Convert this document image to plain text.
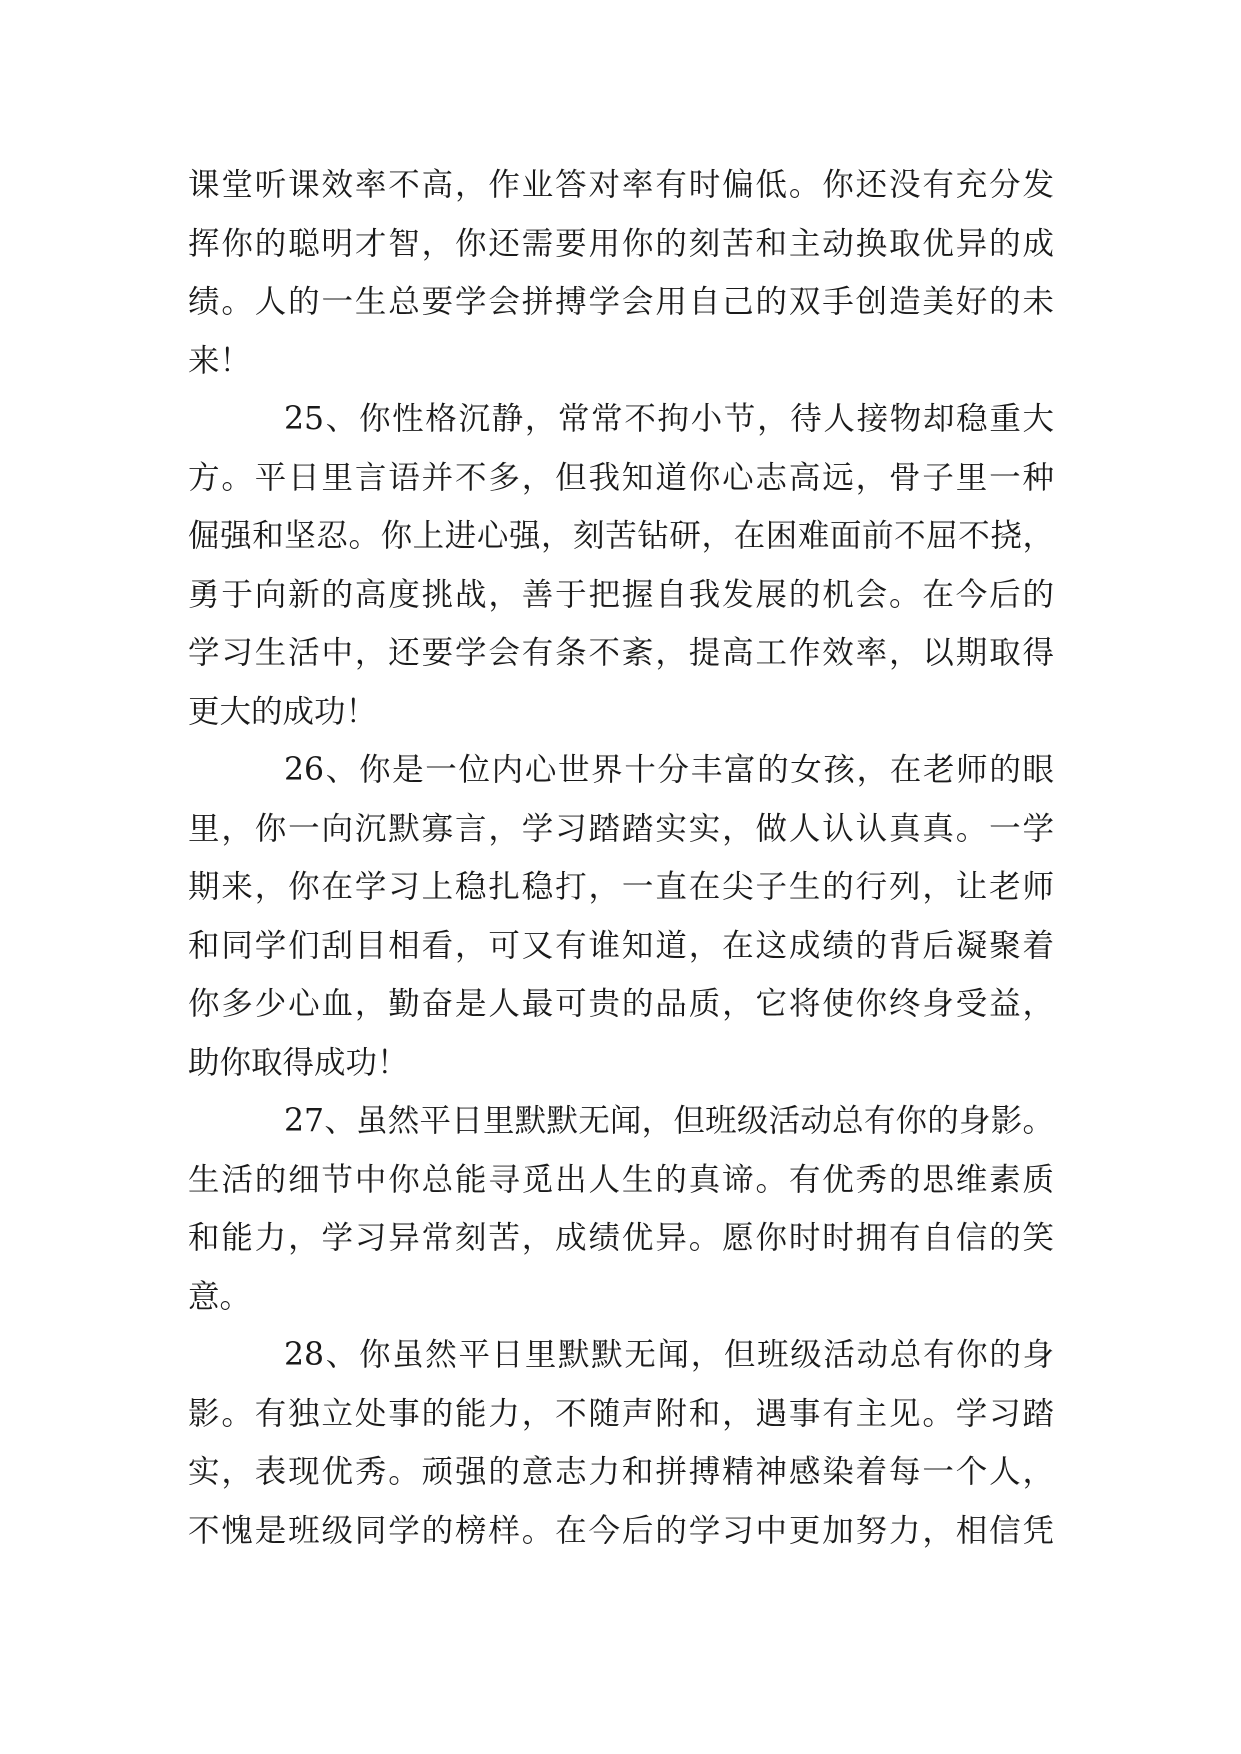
课堂听课效率不高，作业答对率有时偏低。你还没有充分发
挥你的聪明才智，你还需要用你的刻苦和主动换取优异的成
绩。人的一生总要学会拼搏学会用自己的双手创造美好的未
来！
25、你性格沉静，常常不拘小节，待人接物却稳重大
方。平日里言语并不多，但我知道你心志高远，骨子里一种
倔强和坚忍。你上进心强，刻苦钻研，在困难面前不屈不挠，
勇于向新的高度挑战，善于把握自我发展的机会。在今后的
学习生活中，还要学会有条不紊，提高工作效率，以期取得
更大的成功！
26、你是一位内心世界十分丰富的女孩，在老师的眼
里，你一向沉默寡言，学习踏踏实实，做人认认真真。一学
期来，你在学习上稳扎稳打，一直在尖子生的行列，让老师
和同学们刮目相看，可又有谁知道，在这成绩的背后凝聚着
你多少心血，勤奋是人最可贵的品质，它将使你终身受益，
助你取得成功！
27、虽然平日里默默无闻，但班级活动总有你的身影。
生活的细节中你总能寻觅出人生的真谛。有优秀的思维素质
和能力，学习异常刻苦，成绩优异。愿你时时拥有自信的笑
意。
28、你虽然平日里默默无闻，但班级活动总有你的身
影。有独立处事的能力，不随声附和，遇事有主见。学习踏
实，表现优秀。顽强的意志力和拼搏精神感染着每一个人，
不愧是班级同学的榜样。在今后的学习中更加努力，相信凭
